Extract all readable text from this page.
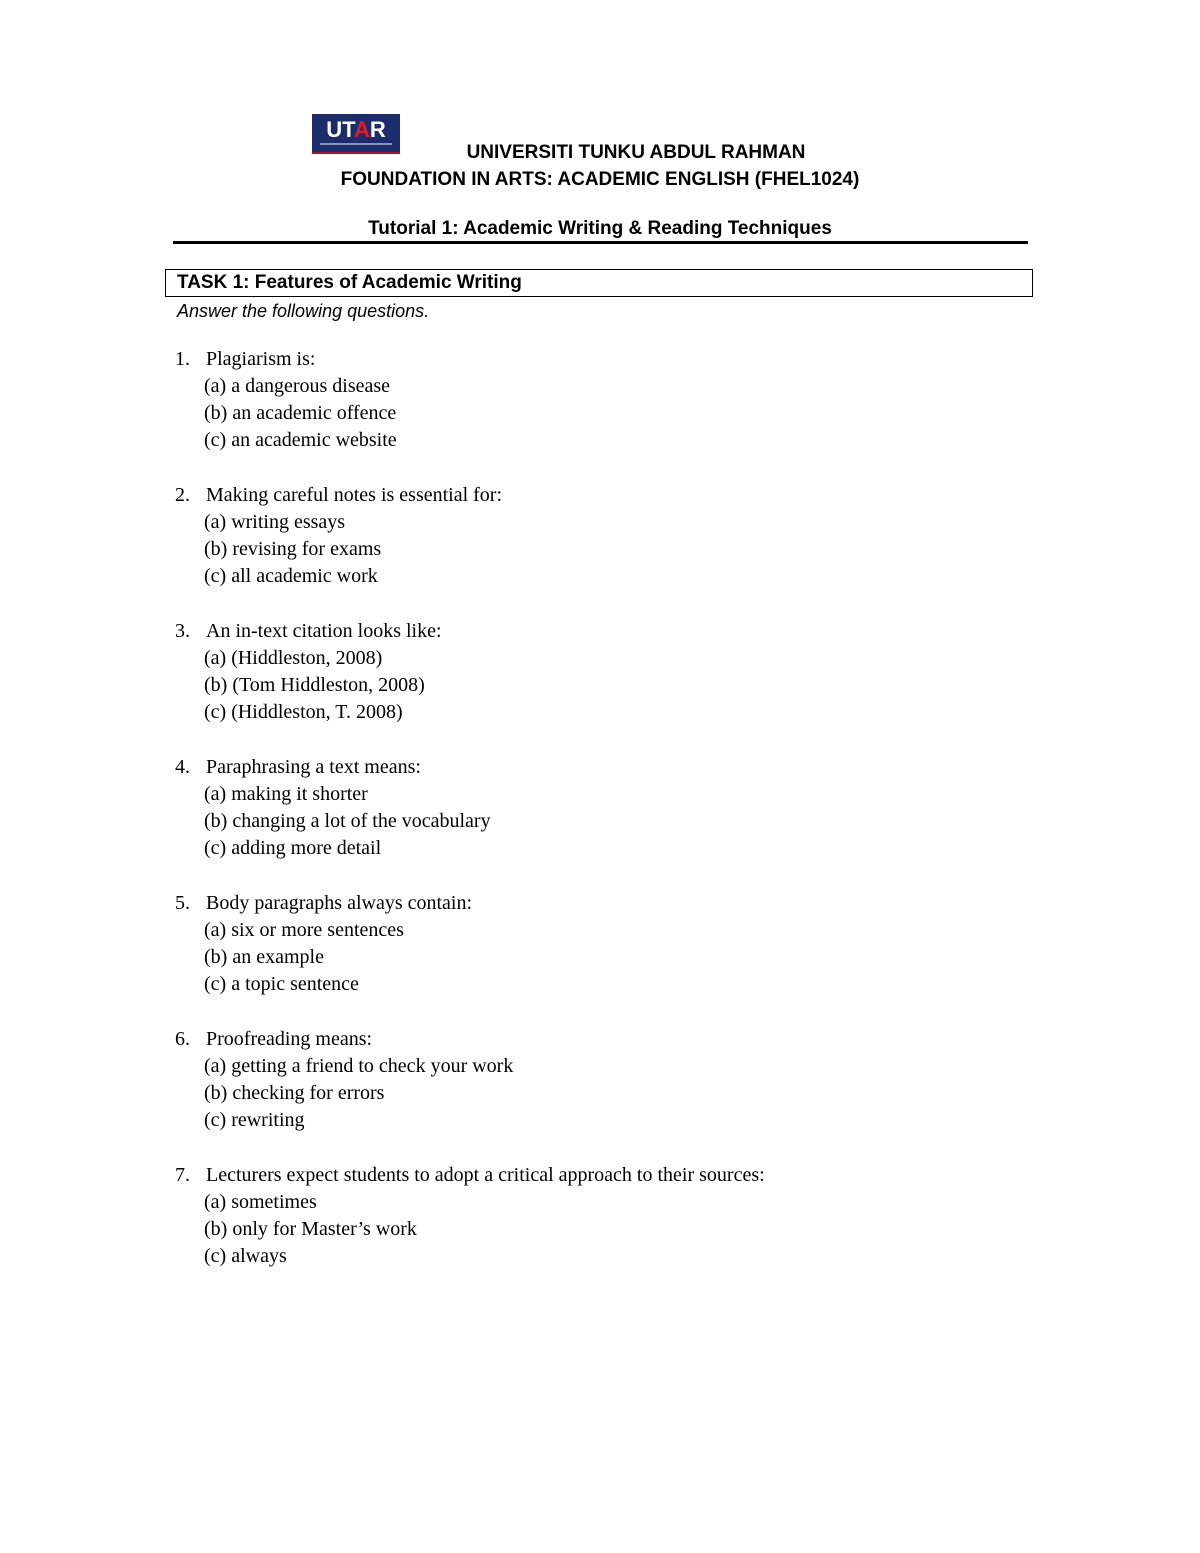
UTAR
UNIVERSITI TUNKU ABDUL RAHMAN
FOUNDATION IN ARTS: ACADEMIC ENGLISH (FHEL1024)
Tutorial 1: Academic Writing & Reading Techniques
TASK 1: Features of Academic Writing
Answer the following questions.
1. Plagiarism is:
(a) a dangerous disease
(b) an academic offence
(c) an academic website
2. Making careful notes is essential for:
(a) writing essays
(b) revising for exams
(c) all academic work
3. An in-text citation looks like:
(a) (Hiddleston, 2008)
(b) (Tom Hiddleston, 2008)
(c) (Hiddleston, T. 2008)
4. Paraphrasing a text means:
(a) making it shorter
(b) changing a lot of the vocabulary
(c) adding more detail
5. Body paragraphs always contain:
(a) six or more sentences
(b) an example
(c) a topic sentence
6. Proofreading means:
(a) getting a friend to check your work
(b) checking for errors
(c) rewriting
7. Lecturers expect students to adopt a critical approach to their sources:
(a) sometimes
(b) only for Master’s work
(c) always
